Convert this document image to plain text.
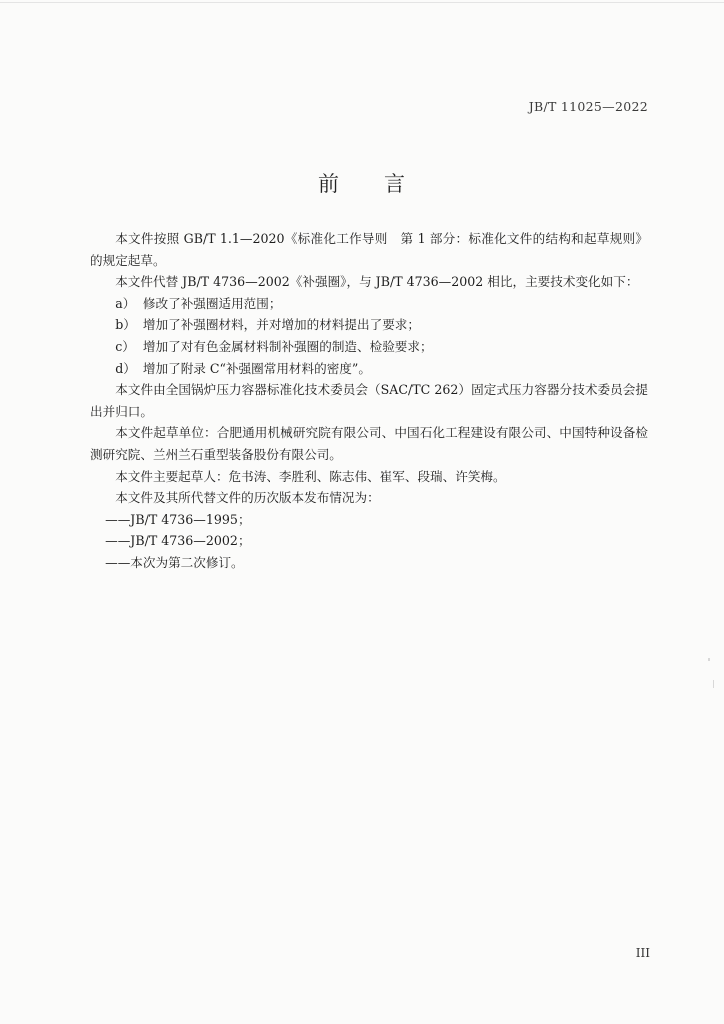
JB/T 11025—2022
前 言

本文件按照 GB/T 1.1—2020《标准化工作导则　第 1 部分：标准化文件的结构和起草规则》的规定起草。

本文件代替 JB/T 4736—2002《补强圈》，与 JB/T 4736—2002 相比，主要技术变化如下：

a） 修改了补强圈适用范围；

b） 增加了补强圈材料，并对增加的材料提出了要求；

c） 增加了对有色金属材料制补强圈的制造、检验要求；

d） 增加了附录 C“补强圈常用材料的密度”。

本文件由全国锅炉压力容器标准化技术委员会（SAC/TC 262）固定式压力容器分技术委员会提出并归口。

本文件起草单位：合肥通用机械研究院有限公司、中国石化工程建设有限公司、中国特种设备检测研究院、兰州兰石重型装备股份有限公司。

本文件主要起草人：危书涛、李胜利、陈志伟、崔军、段瑞、许笑梅。

本文件及其所代替文件的历次版本发布情况为：

——JB/T 4736—1995；

——JB/T 4736—2002；

——本次为第二次修订。

III
